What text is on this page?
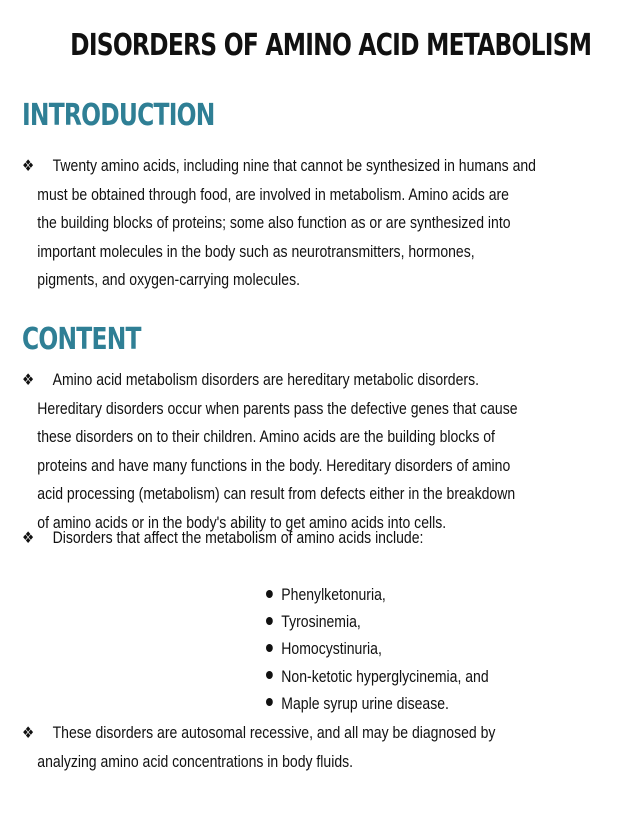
DISORDERS OF AMINO ACID METABOLISM
INTRODUCTION
❖ Twenty amino acids, including nine that cannot be synthesized in humans and
must be obtained through food, are involved in metabolism. Amino acids are
the building blocks of proteins; some also function as or are synthesized into
important molecules in the body such as neurotransmitters, hormones,
pigments, and oxygen-carrying molecules.
CONTENT
❖ Amino acid metabolism disorders are hereditary metabolic disorders.
Hereditary disorders occur when parents pass the defective genes that cause
these disorders on to their children. Amino acids are the building blocks of
proteins and have many functions in the body. Hereditary disorders of amino
acid processing (metabolism) can result from defects either in the breakdown
of amino acids or in the body's ability to get amino acids into cells.
❖ Disorders that affect the metabolism of amino acids include:
Phenylketonuria,
Tyrosinemia,
Homocystinuria,
Non-ketotic hyperglycinemia, and
Maple syrup urine disease.
❖ These disorders are autosomal recessive, and all may be diagnosed by
analyzing amino acid concentrations in body fluids.
